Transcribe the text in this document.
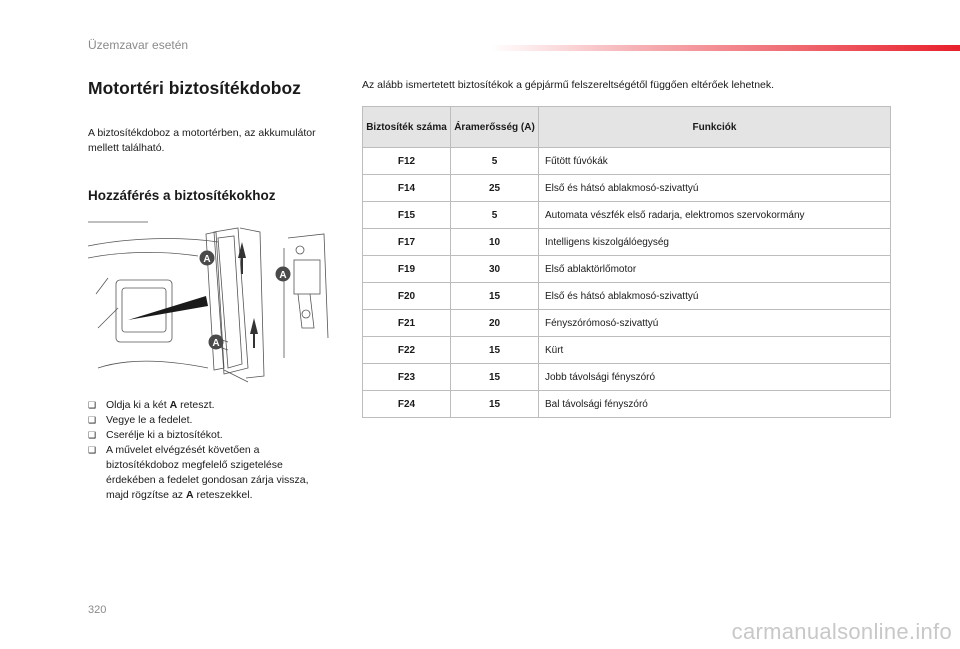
Üzemzavar esetén
Motortéri biztosítékdoboz

A biztosítékdoboz a motortérben, az akkumulátor mellett található.

Hozzáférés a biztosítékokhoz
A
A
A
❑ Oldja ki a két A reteszt.
❑ Vegye le a fedelet.
❑ Cserélje ki a biztosítékot.
❑ A művelet elvégzését követően a biztosítékdoboz megfelelő szigetelése érdekében a fedelet gondosan zárja vissza, majd rögzítse az A reteszekkel.
Az alább ismertetett biztosítékok a gépjármű felszereltségétől függően eltérőek lehetnek.
Biztosíték száma	Áramerősség (A)	Funkciók
F12	5	Fűtött fúvókák
F14	25	Első és hátsó ablakmosó-szivattyú
F15	5	Automata vészfék első radarja, elektromos szervokormány
F17	10	Intelligens kiszolgálóegység
F19	30	Első ablaktörlőmotor
F20	15	Első és hátsó ablakmosó-szivattyú
F21	20	Fényszórómosó-szivattyú
F22	15	Kürt
F23	15	Jobb távolsági fényszóró
F24	15	Bal távolsági fényszóró
320
carmanualsonline.info
